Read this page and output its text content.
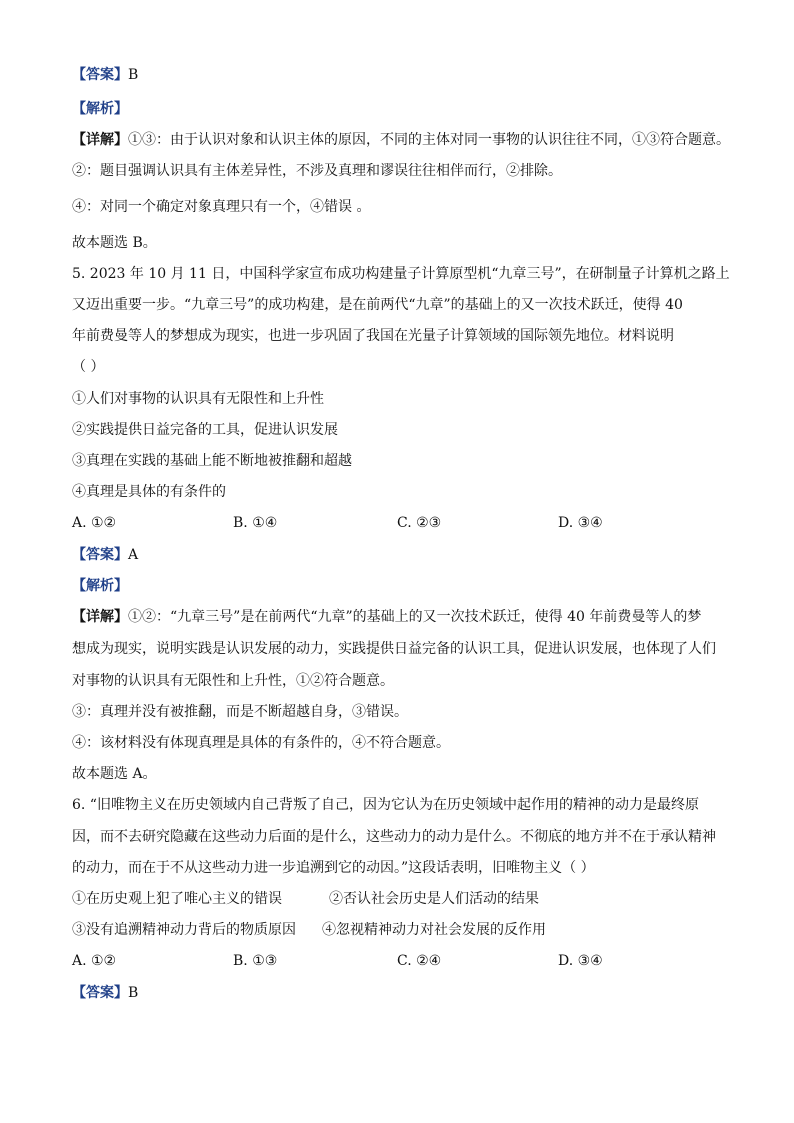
【答案】B
【解析】
【详解】①③：由于认识对象和认识主体的原因，不同的主体对同一事物的认识往往不同，①③符合题意。
②：题目强调认识具有主体差异性，不涉及真理和谬误往往相伴而行，②排除。
④：对同一个确定对象真理只有一个，④错误 。
故本题选 B。
5. 2023 年 10 月 11 日，中国科学家宣布成功构建量子计算原型机“九章三号”，在研制量子计算机之路上
又迈出重要一步。“九章三号”的成功构建，是在前两代“九章”的基础上的又一次技术跃迁，使得 40
年前费曼等人的梦想成为现实，也进一步巩固了我国在光量子计算领域的国际领先地位。材料说明
（ ）
①人们对事物的认识具有无限性和上升性
②实践提供日益完备的工具，促进认识发展
③真理在实践的基础上能不断地被推翻和超越
④真理是具体的有条件的
A. ①②	B. ①④	C. ②③	D. ③④
【答案】A
【解析】
【详解】①②：“九章三号”是在前两代“九章”的基础上的又一次技术跃迁，使得 40 年前费曼等人的梦
想成为现实，说明实践是认识发展的动力，实践提供日益完备的认识工具，促进认识发展，也体现了人们
对事物的认识具有无限性和上升性，①②符合题意。
③：真理并没有被推翻，而是不断超越自身，③错误。
④：该材料没有体现真理是具体的有条件的，④不符合题意。
故本题选 A。
6. “旧唯物主义在历史领域内自己背叛了自己，因为它认为在历史领域中起作用的精神的动力是最终原
因，而不去研究隐藏在这些动力后面的是什么，这些动力的动力是什么。不彻底的地方并不在于承认精神
的动力，而在于不从这些动力进一步追溯到它的动因。”这段话表明，旧唯物主义（ ）
①在历史观上犯了唯心主义的错误	②否认社会历史是人们活动的结果
③没有追溯精神动力背后的物质原因 ④忽视精神动力对社会发展的反作用
A. ①②	B. ①③	C. ②④	D. ③④
【答案】B
